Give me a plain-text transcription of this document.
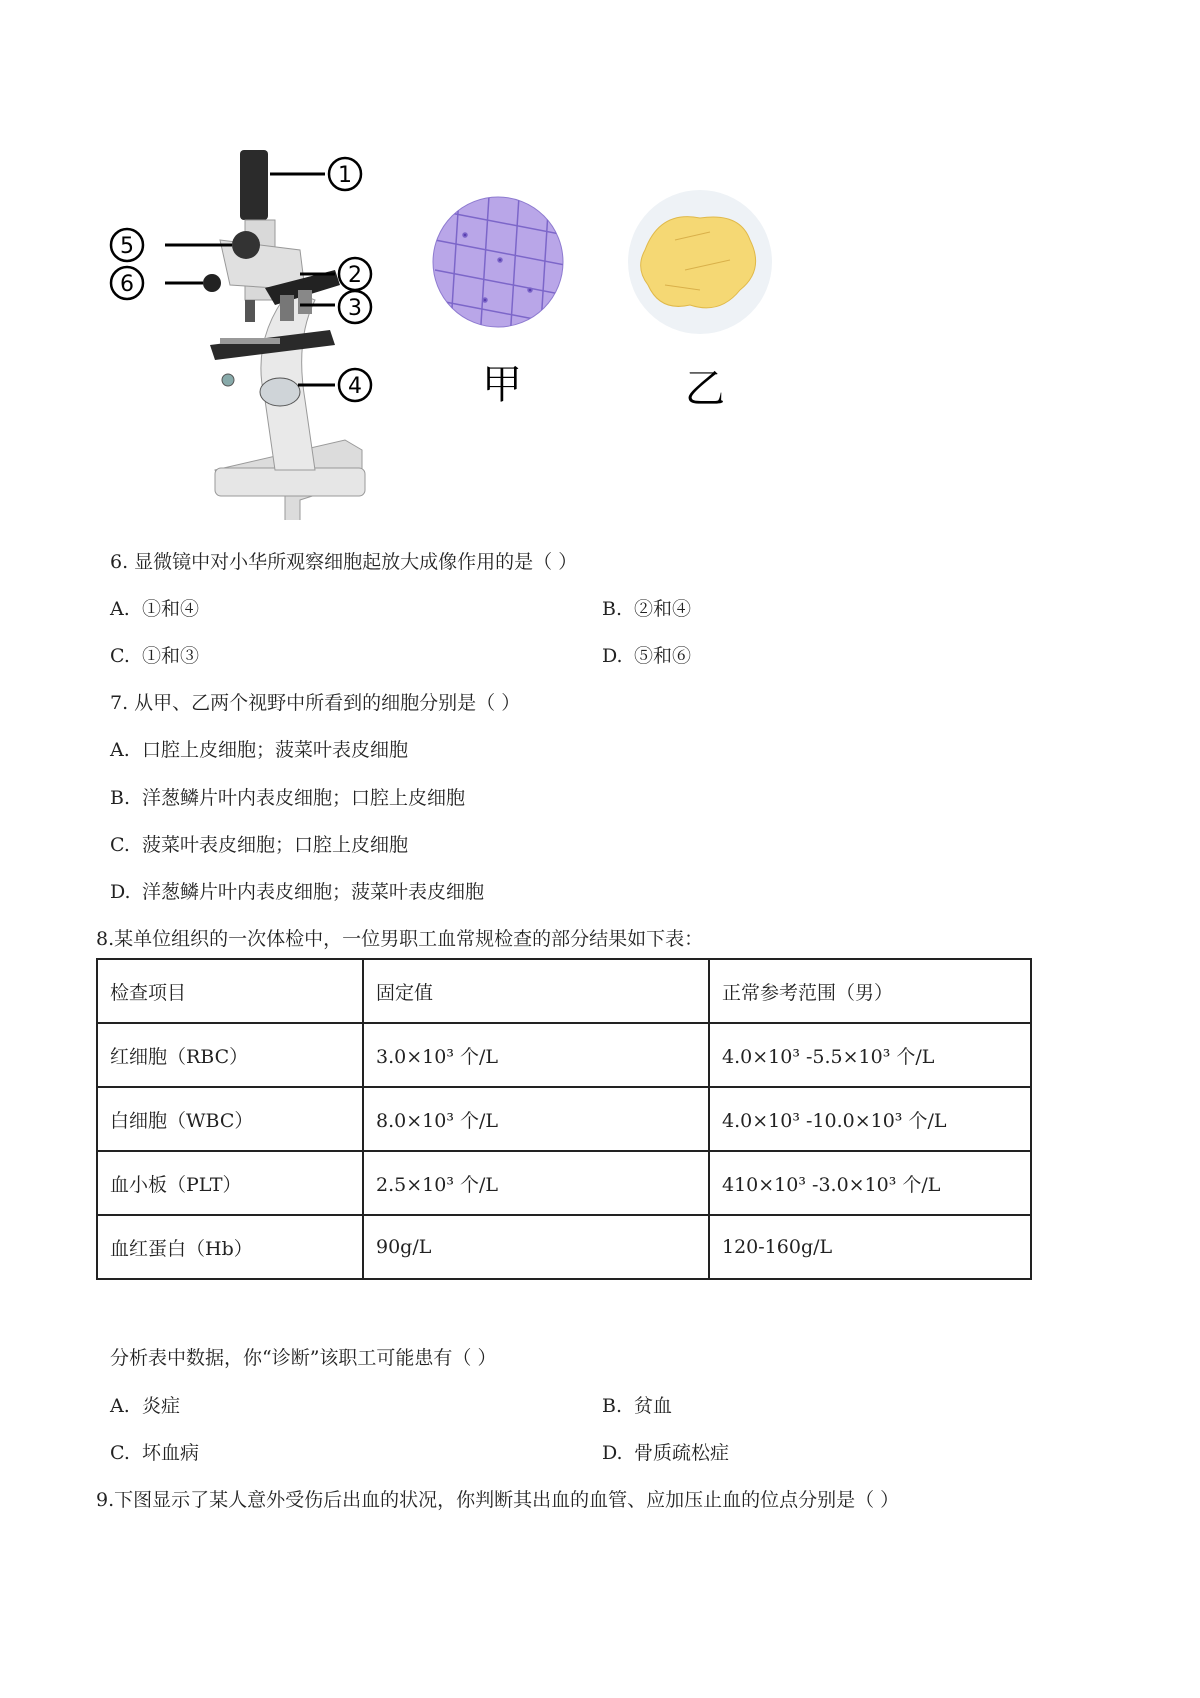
1
2
3
4
5
6
甲	乙
6. 显微镜中对小华所观察细胞起放大成像作用的是（ ）
A. ①和④	B. ②和④
C. ①和③	D. ⑤和⑥
7. 从甲、乙两个视野中所看到的细胞分别是（ ）
A. 口腔上皮细胞；菠菜叶表皮细胞
B. 洋葱鳞片叶内表皮细胞；口腔上皮细胞
C. 菠菜叶表皮细胞；口腔上皮细胞
D. 洋葱鳞片叶内表皮细胞；菠菜叶表皮细胞
8.某单位组织的一次体检中，一位男职工血常规检查的部分结果如下表：
检查项目	固定值	正常参考范围（男）
红细胞（RBC）	3.0×10³ 个/L	4.0×10³ -5.5×10³ 个/L
白细胞（WBC）	8.0×10³ 个/L	4.0×10³ -10.0×10³ 个/L
血小板（PLT）	2.5×10³ 个/L	410×10³ -3.0×10³ 个/L
血红蛋白（Hb）	90g/L	120-160g/L
分析表中数据，你“诊断”该职工可能患有（ ）
A. 炎症	B. 贫血
C. 坏血病	D. 骨质疏松症
9.下图显示了某人意外受伤后出血的状况，你判断其出血的血管、应加压止血的位点分别是（ ）
